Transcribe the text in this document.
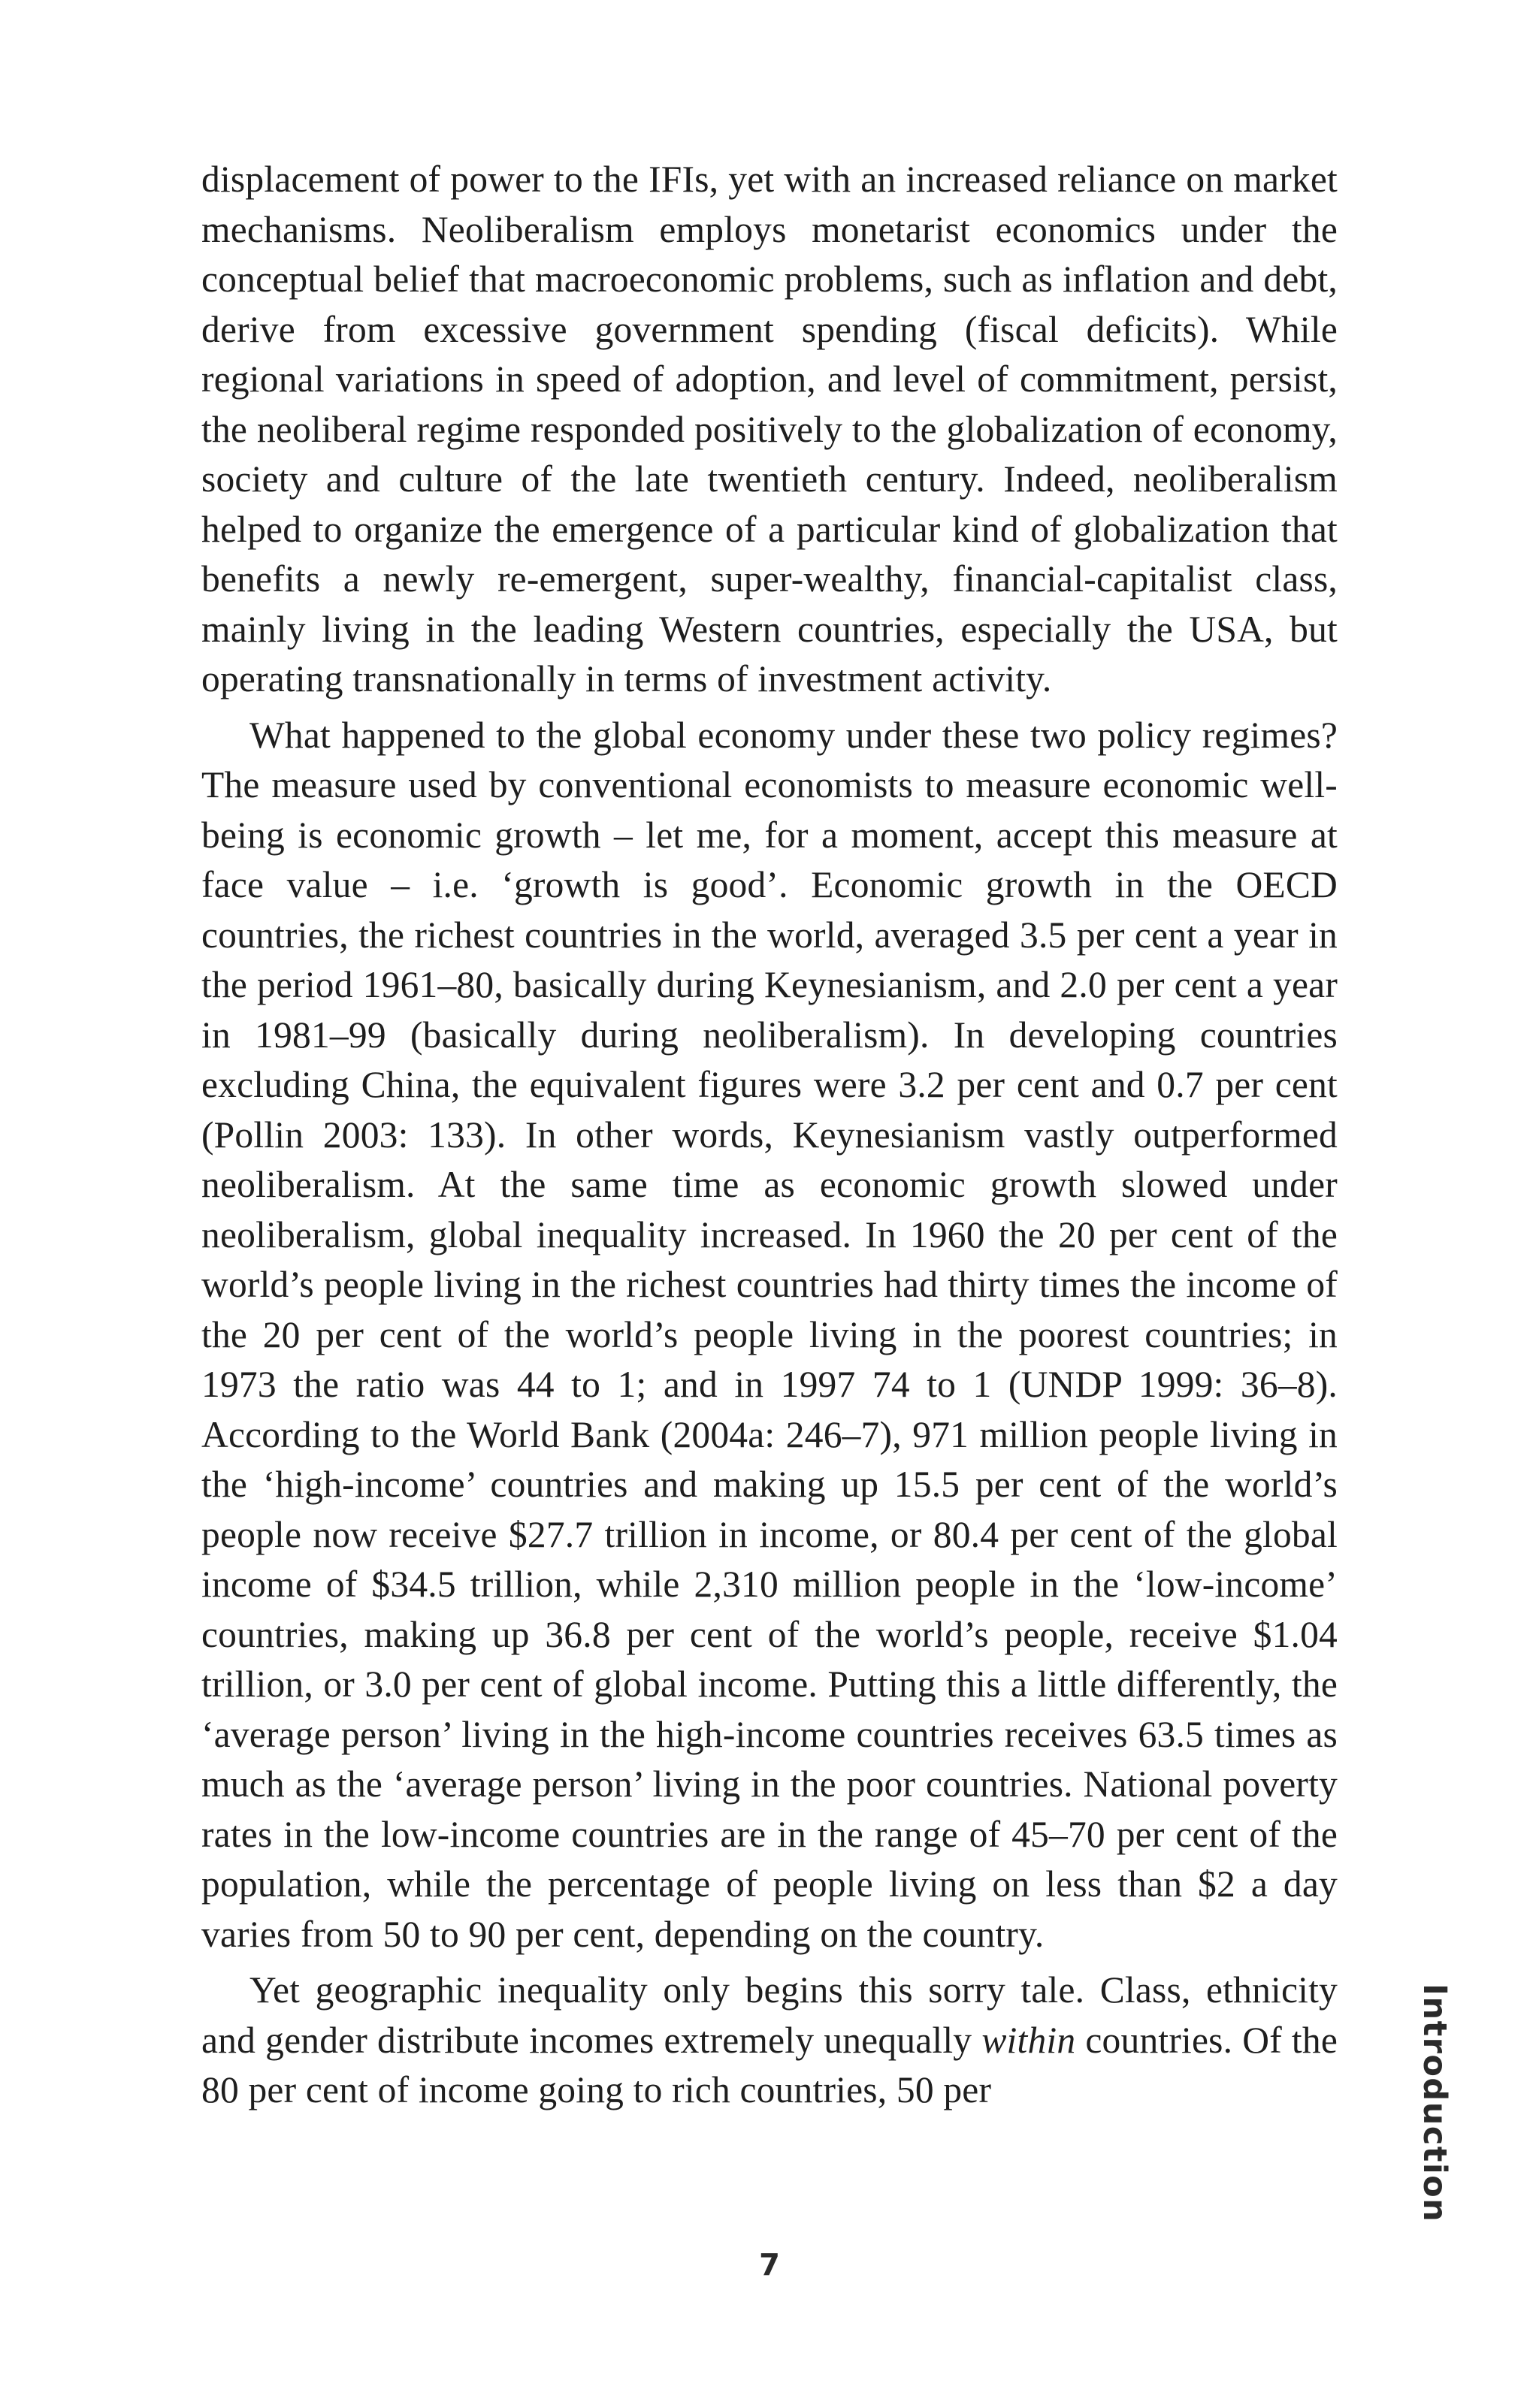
displacement of power to the IFIs, yet with an increased reliance on market mechanisms. Neoliberalism employs monetarist economics under the conceptual belief that macroeconomic problems, such as inflation and debt, derive from excessive government spending (fiscal deficits). While regional variations in speed of adoption, and level of commitment, persist, the neoliberal regime responded positively to the globalization of economy, society and culture of the late twentieth century. Indeed, neoliberalism helped to organize the emergence of a particular kind of globalization that benefits a newly re-emergent, super-wealthy, financial-capitalist class, mainly living in the leading Western countries, especially the USA, but operating transnationally in terms of investment activity.

What happened to the global economy under these two policy regimes? The measure used by conventional economists to measure economic well-being is economic growth – let me, for a moment, accept this measure at face value – i.e. ‘growth is good’. Economic growth in the OECD countries, the richest countries in the world, averaged 3.5 per cent a year in the period 1961–80, basically during Keynesianism, and 2.0 per cent a year in 1981–99 (basically during neoliberalism). In developing countries excluding China, the equivalent figures were 3.2 per cent and 0.7 per cent (Pollin 2003: 133). In other words, Keynesianism vastly outperformed neoliberalism. At the same time as economic growth slowed under neoliberalism, global inequality increased. In 1960 the 20 per cent of the world’s people living in the richest countries had thirty times the income of the 20 per cent of the world’s people living in the poorest countries; in 1973 the ratio was 44 to 1; and in 1997 74 to 1 (UNDP 1999: 36–8). According to the World Bank (2004a: 246–7), 971 million people living in the ‘high-income’ countries and making up 15.5 per cent of the world’s people now receive $27.7 trillion in income, or 80.4 per cent of the global income of $34.5 trillion, while 2,310 million people in the ‘low-income’ countries, making up 36.8 per cent of the world’s people, receive $1.04 trillion, or 3.0 per cent of global income. Putting this a little differently, the ‘average person’ living in the high-income countries receives 63.5 times as much as the ‘average person’ living in the poor countries. National poverty rates in the low-income countries are in the range of 45–70 per cent of the population, while the percentage of people living on less than $2 a day varies from 50 to 90 per cent, depending on the country.

Yet geographic inequality only begins this sorry tale. Class, ethnicity and gender distribute incomes extremely unequally within countries. Of the 80 per cent of income going to rich countries, 50 per	Introduction
7
